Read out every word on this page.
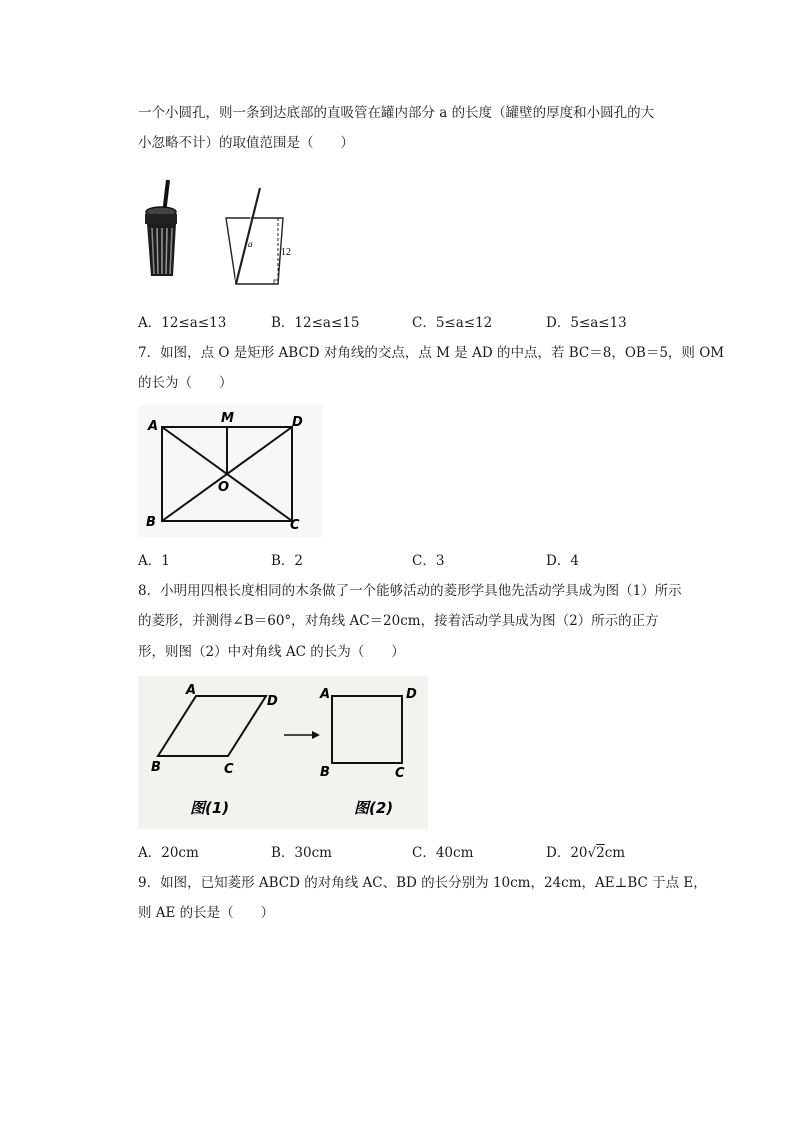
一个小圆孔，则一条到达底部的直吸管在罐内部分 a 的长度（罐壁的厚度和小圆孔的大
小忽略不计）的取值范围是（　　）
a
12
A．12≤a≤13	B．12≤a≤15	C．5≤a≤12	D．5≤a≤13
7．如图，点 O 是矩形 ABCD 对角线的交点，点 M 是 AD 的中点，若 BC＝8，OB＝5，则 OM
的长为（　　）
A
M	D
O
B	C
A．1	B．2	C．3	D．4
8．小明用四根长度相同的木条做了一个能够活动的菱形学具他先活动学具成为图（1）所示
的菱形，并测得∠B＝60°，对角线 AC＝20cm，接着活动学具成为图（2）所示的正方
形，则图（2）中对角线 AC 的长为（　　）
A
D
B	C
A	D
B	C
图(1)	图(2)
A．20cm	B．30cm	C．40cm	D．20√2cm
9．如图，已知菱形 ABCD 的对角线 AC、BD 的长分别为 10cm，24cm，AE⊥BC 于点 E，
则 AE 的长是（　　）
